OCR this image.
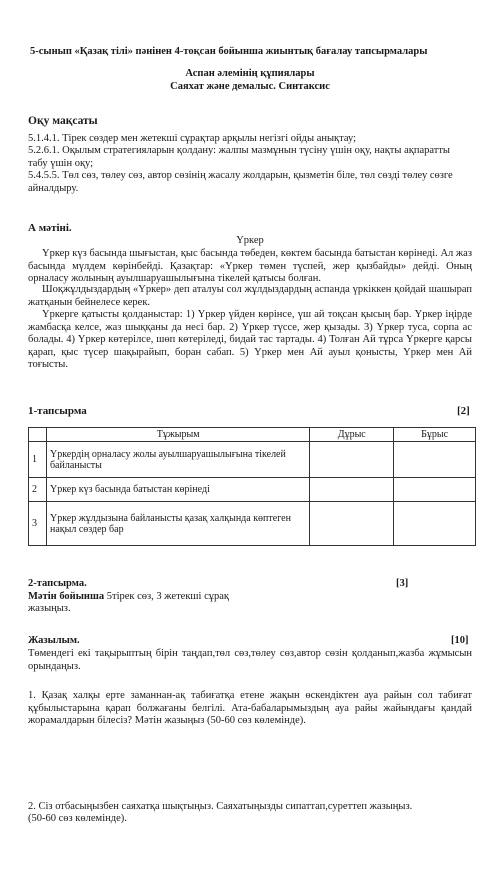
5-сынып «Қазақ тілі» пәнінен 4-тоқсан бойынша жиынтық бағалау тапсырмалары
Аспан әлемінің құпиялары
Саяхат және демалыс. Синтаксис
Оқу мақсаты
5.1.4.1. Тірек сөздер мен жетекші сұрақтар арқылы негізгі ойды анықтау;
5.2.6.1. Оқылым стратегияларын қолдану: жалпы мазмұнын түсіну үшін оқу, нақты ақпаратты табу үшін оқу;
5.4.5.5. Төл сөз, төлеу сөз, автор сөзінің жасалу жолдарын, қызметін біле, төл сөзді төлеу сөзге айналдыру.
А мәтіні.
Үркер
Үркер күз басында шығыстан, қыс басында төбеден, көктем басында батыстан көрінеді. Ал жаз басында мүлдем көрінбейді. Қазақтар: «Үркер төмен түспей, жер қызбайды» дейді. Оның орналасу жолының ауылшаруашылығына тікелей қатысы болған.
Шоқжұлдыздардың «Үркер» деп аталуы сол жұлдыздардың аспанда үркіккен қойдай шашырап жатқанын бейнелесе керек.
Үркерге қатысты қолданыстар: 1) Үркер үйден көрінсе, үш ай тоқсан қысың бар. Үркер іңірде жамбасқа келсе, жаз шыққаны да несі бар. 2) Үркер түссе, жер қызады. 3) Үркер туса, сорпа ас болады. 4) Үркер көтерілсе, шөп көтеріледі, бидай тас тартады. 4) Толған Ай тұрса Үркерге қарсы қарап, қыс түсер шақырайып, боран сабап. 5) Үркер мен Ай ауыл қонысты, Үркер мен Ай тоғысты.
1-тапсырма	[2]
	Тұжырым	Дұрыс	Бұрыс
1	Үркердің орналасу жолы ауылшаруашылығына тікелей байланысты		
2	Үркер күз басында батыстан көрінеді		
3	Үркер жұлдызына байланысты қазақ халқында көптеген нақыл сөздер бар		
2-тапсырма.	[3]
Мәтін бойынша 5тірек сөз, 3 жетекші сұрақ
жазыңыз.
Жазылым.	[10]
Төмендегі екі тақырыптың бірін таңдап,төл сөз,төлеу сөз,автор сөзін қолданып,жазба жұмысын орындаңыз.
1. Қазақ халқы ерте заманнан-ақ табиғатқа етене жақын өскендіктен ауа райын сол табиғат құбылыстарына қарап болжағаны белгілі. Ата-бабаларымыздың ауа райы жайындағы қандай жорамалдарын білесіз? Мәтін жазыңыз (50-60 сөз көлемінде).
2. Сіз отбасыңызбен саяхатқа шықтыңыз. Саяхатыңызды сипаттап,суреттеп жазыңыз.
(50-60 сөз көлемінде).
